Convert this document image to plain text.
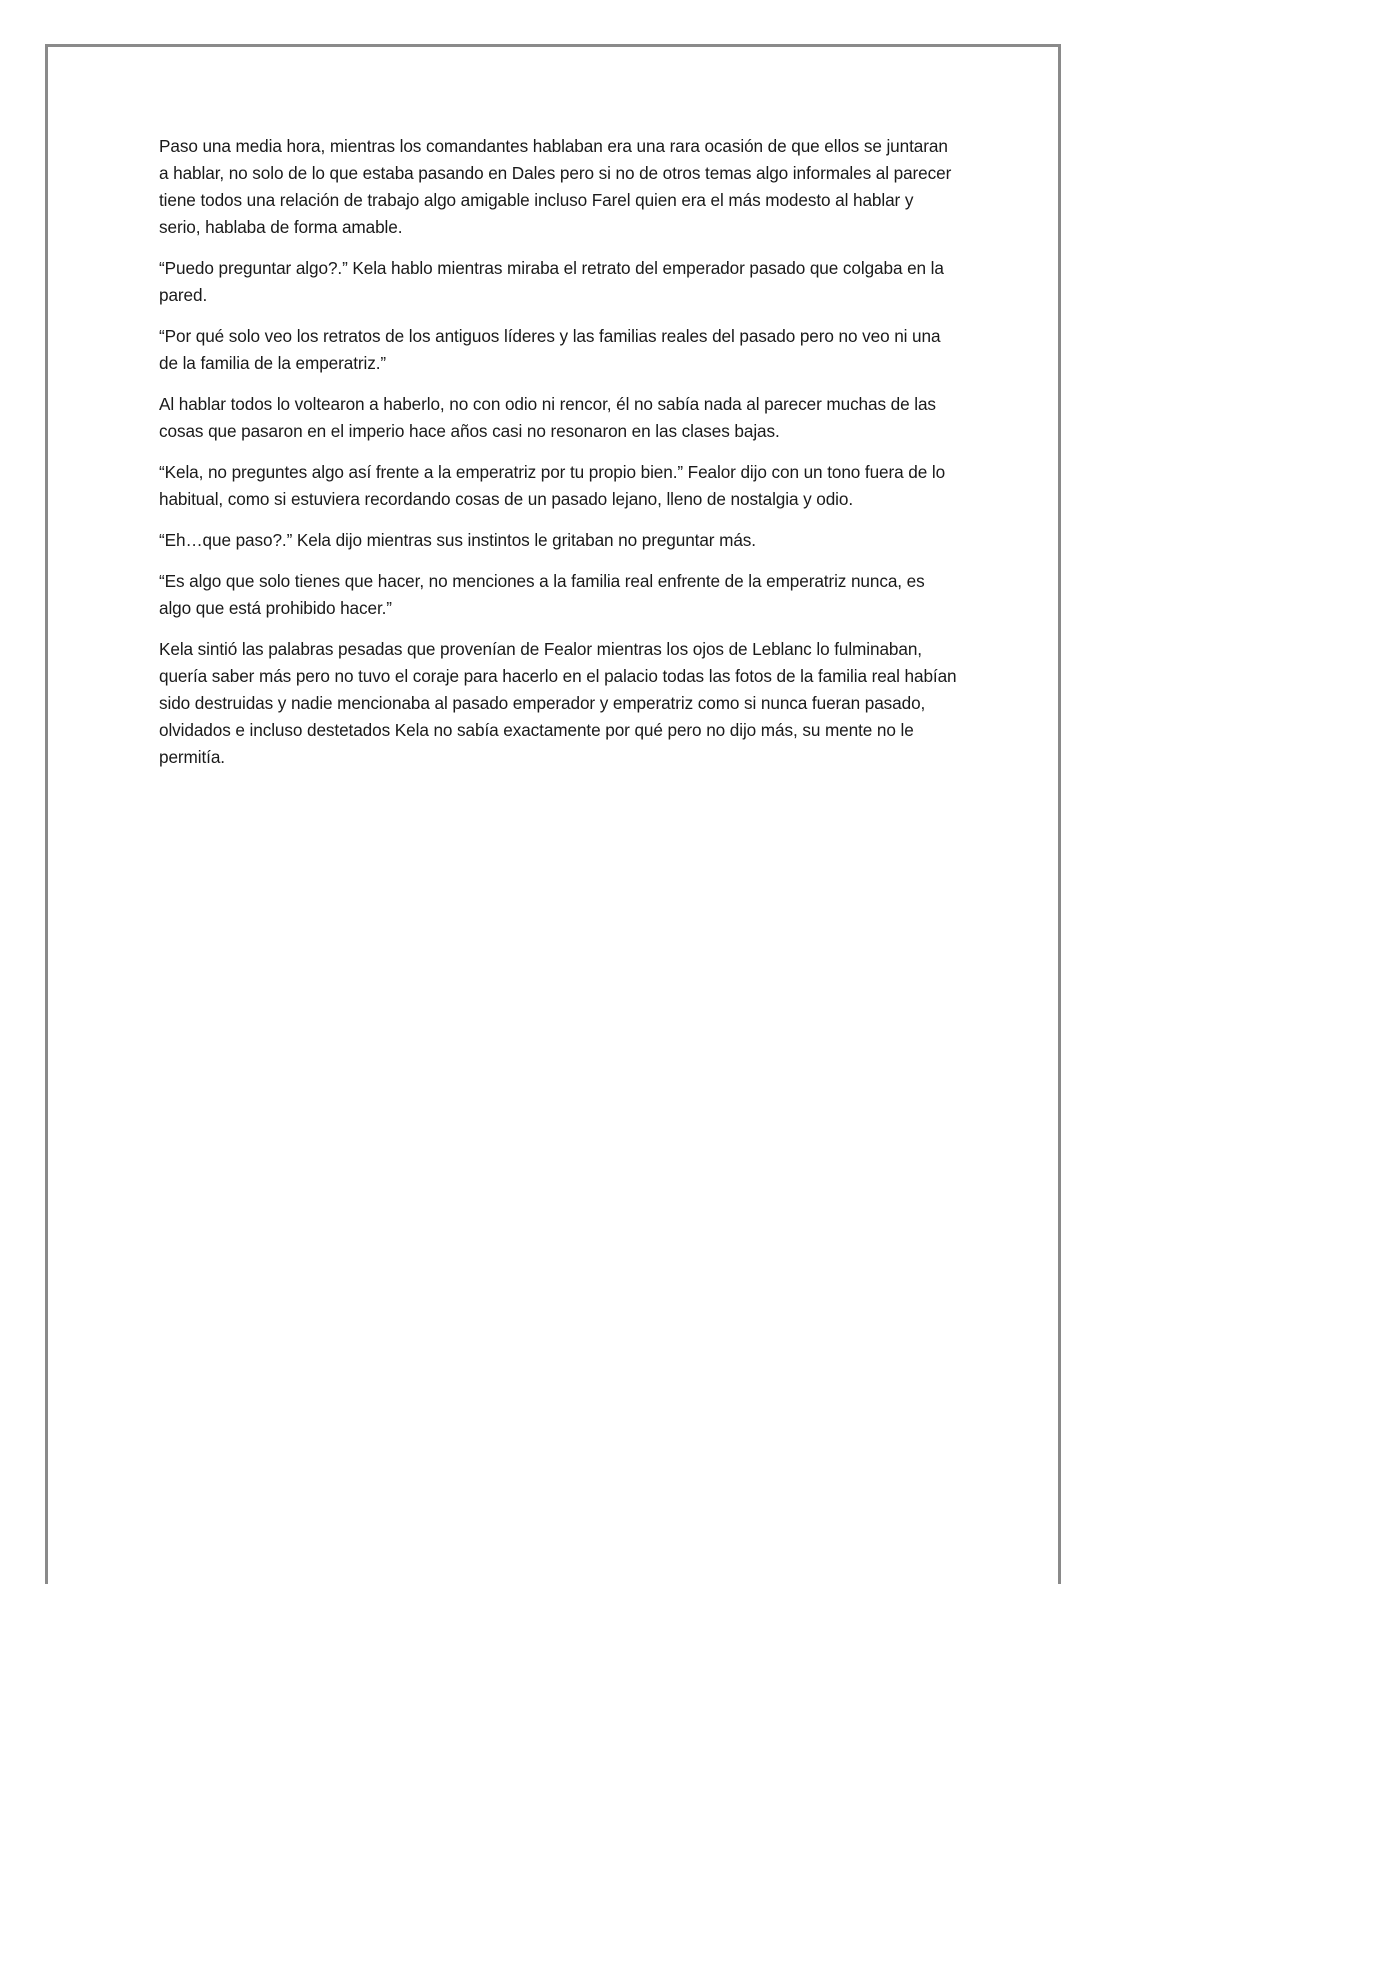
Paso una media hora, mientras los comandantes hablaban era una rara ocasión de que ellos se juntaran a hablar, no solo de lo que estaba pasando en Dales pero si no de otros temas algo informales al parecer tiene todos una relación de trabajo algo amigable incluso Farel quien era el más modesto al hablar y serio, hablaba de forma amable.

“Puedo preguntar algo?.” Kela hablo mientras miraba el retrato del emperador pasado que colgaba en la pared.

“Por qué solo veo los retratos de los antiguos líderes y las familias reales del pasado pero no veo ni una de la familia de la emperatriz.”

Al hablar todos lo voltearon a haberlo, no con odio ni rencor, él no sabía nada al parecer muchas de las cosas que pasaron en el imperio hace años casi no resonaron en las clases bajas.

“Kela, no preguntes algo así frente a la emperatriz por tu propio bien.” Fealor dijo con un tono fuera de lo habitual, como si estuviera recordando cosas de un pasado lejano, lleno de nostalgia y odio.

“Eh…que paso?.” Kela dijo mientras sus instintos le gritaban no preguntar más.

“Es algo que solo tienes que hacer, no menciones a la familia real enfrente de la emperatriz nunca, es algo que está prohibido hacer.”

Kela sintió las palabras pesadas que provenían de Fealor mientras los ojos de Leblanc lo fulminaban, quería saber más pero no tuvo el coraje para hacerlo en el palacio todas las fotos de la familia real habían sido destruidas y nadie mencionaba al pasado emperador y emperatriz como si nunca fueran pasado, olvidados e incluso destetados Kela no sabía exactamente por qué pero no dijo más, su mente no le permitía.
